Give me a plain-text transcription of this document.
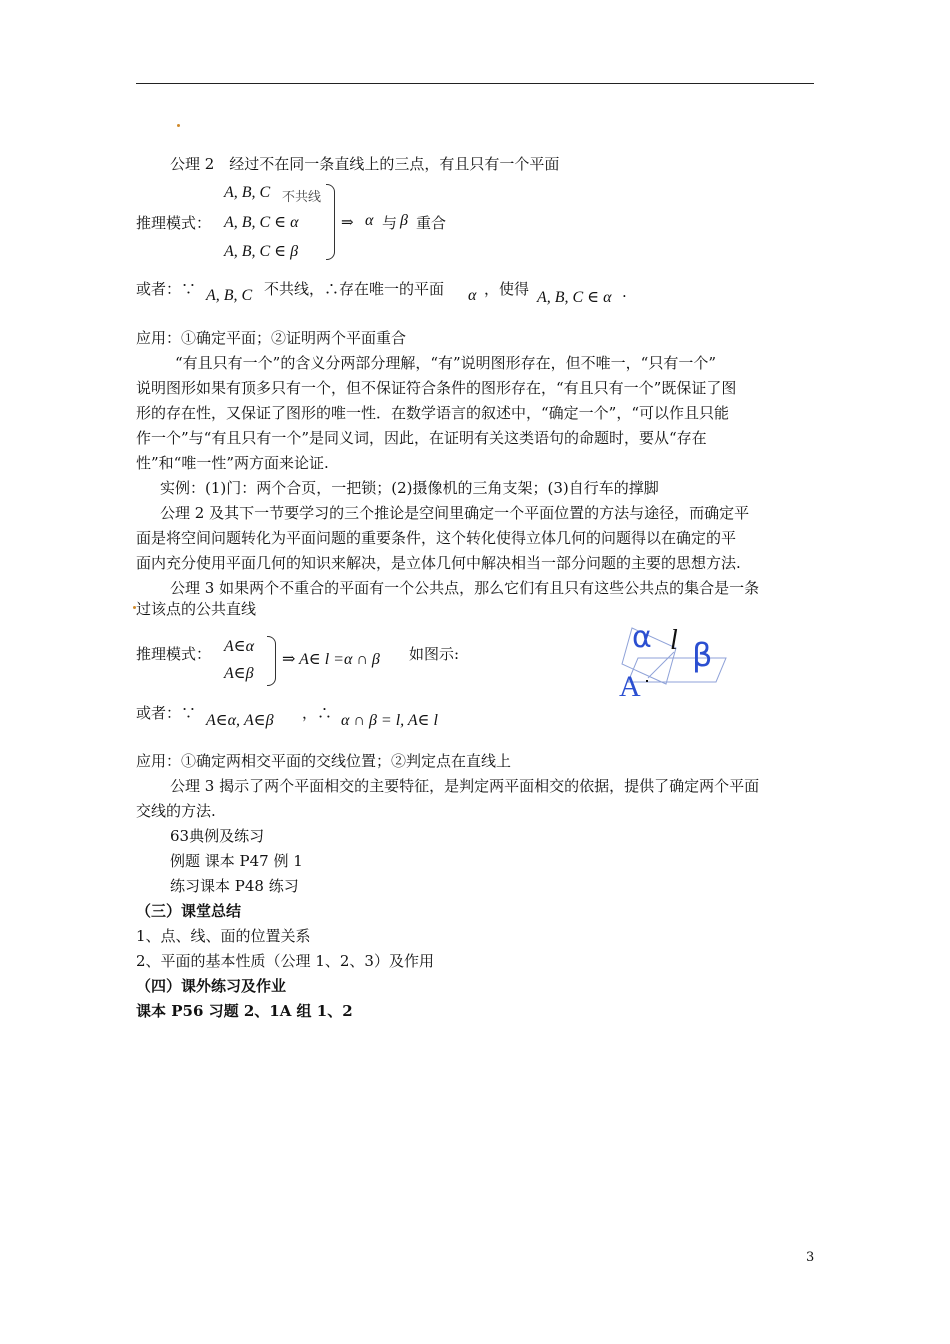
公理 2　经过不在同一条直线上的三点，有且只有一个平面
A, B, C 不共线
推理模式： A, B, C ∈ α
A, B, C ∈ β
⇒ α 与 β 重合
或者：∵ A, B, C 不共线，∴存在唯一的平面 α ，使得 A, B, C ∈ α .
应用：①确定平面；②证明两个平面重合
“有且只有一个”的含义分两部分理解，“有”说明图形存在，但不唯一，“只有一个”
说明图形如果有顶多只有一个，但不保证符合条件的图形存在，“有且只有一个”既保证了图
形的存在性，又保证了图形的唯一性．在数学语言的叙述中，“确定一个”，“可以作且只能
作一个”与“有且只有一个”是同义词，因此，在证明有关这类语句的命题时，要从“存在
性”和“唯一性”两方面来论证.
实例：(1)门：两个合页，一把锁；(2)摄像机的三角支架；(3)自行车的撑脚
公理 2 及其下一节要学习的三个推论是空间里确定一个平面位置的方法与途径，而确定平
面是将空间问题转化为平面问题的重要条件，这个转化使得立体几何的问题得以在确定的平
面内充分使用平面几何的知识来解决，是立体几何中解决相当一部分问题的主要的思想方法.
公理 3 如果两个不重合的平面有一个公共点，那么它们有且只有这些公共点的集合是一条
过该点的公共直线
推理模式： A∈α
A∈β
⇒ A∈ l =α ∩ β 如图示:	α l β
A
或者：∵ A∈α, A∈β ，∴ α ∩ β = l, A∈ l
应用：①确定两相交平面的交线位置；②判定点在直线上
公理 3 揭示了两个平面相交的主要特征，是判定两平面相交的依据，提供了确定两个平面
交线的方法.
63典例及练习
例题 课本 P47 例 1
练习课本 P48 练习
（三）课堂总结
1、点、线、面的位置关系
2、平面的基本性质（公理 1、2、3）及作用
（四）课外练习及作业
课本 P56 习题 2、1A 组 1、2
3
